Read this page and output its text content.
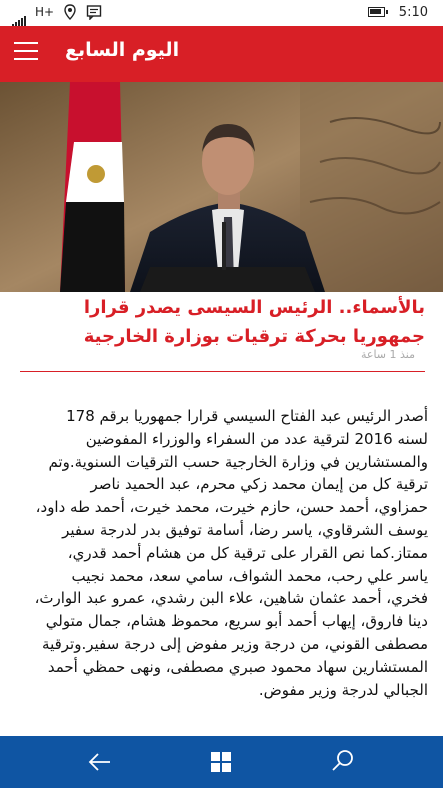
H+	5:10
اليوم السابع
بالأسماء.. الرئيس السيسى يصدر قرارا جمهوريا بحركة ترقيات بوزارة الخارجية
منذ 1 ساعة
أصدر الرئيس عبد الفتاح السيسي قرارا جمهوريا برقم 178 لسنه 2016 لترقية عدد من السفراء والوزراء المفوضين والمستشارين في وزارة الخارجية حسب الترقيات السنوية.وتم ترقية كل من إيمان محمد زكي محرم، عبد الحميد ناصر حمزاوي، أحمد حسن، حازم خيرت، محمد خيرت، أحمد طه داود، يوسف الشرقاوي، ياسر رضا، أسامة توفيق بدر لدرجة سفير ممتاز.كما نص القرار على ترقية كل من هشام أحمد قدري، ياسر علي رحب، محمد الشواف، سامي سعد، محمد نجيب فخري، أحمد عثمان شاهين، علاء البن رشدي، عمرو عبد الوارث، دينا فاروق، إيهاب أحمد أبو سريع، محموظ هشام، جمال متولي مصطفى القوني، من درجة وزير مفوض إلى درجة سفير.وترقية المستشارين سهاد محمود صبري مصطفى، ونهى حمظي أحمد الجبالي لدرجة وزير مفوض.
